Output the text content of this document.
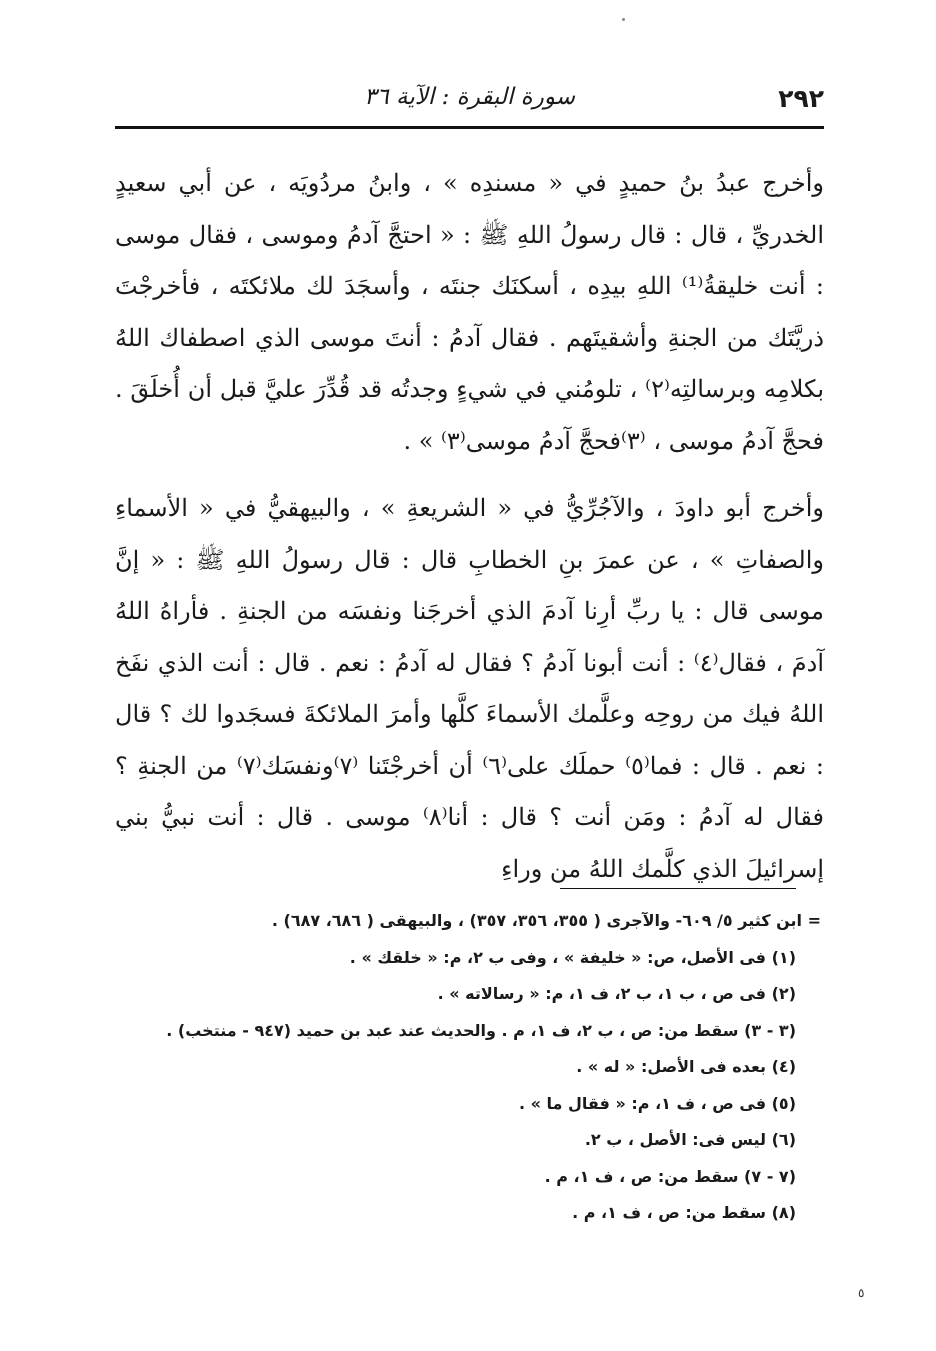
٢٩٢
سورة البقرة : الآية ٣٦

وأخرج عبدُ بنُ حميدٍ في « مسندِه » ، وابنُ مردُويَه ، عن أبي سعيدٍ الخدريِّ ، قال : قال رسولُ اللهِ ﷺ : « احتجَّ آدمُ وموسى ، فقال موسى : أنت خليقةُ⁽¹⁾ اللهِ بيدِه ، أسكنَك جنتَه ، وأسجَدَ لك ملائكتَه ، فأخرجْتَ ذريَّتَك من الجنةِ وأشقيتَهم . فقال آدمُ : أنتَ موسى الذي اصطفاك اللهُ بكلامِه وبرسالتِه⁽٢⁾ ، تلومُني في شيءٍ وجدتُه قد قُدِّرَ عليَّ قبل أن أُخلَقَ . فحجَّ آدمُ موسى ، ⁽٣⁾فحجَّ آدمُ موسى⁽٣⁾ » .

وأخرج أبو داودَ ، والآجُرِّيُّ في « الشريعةِ » ، والبيهقيُّ في « الأسماءِ والصفاتِ » ، عن عمرَ بنِ الخطابِ قال : قال رسولُ اللهِ ﷺ : « إنَّ موسى قال : يا ربِّ أرِنا آدمَ الذي أخرجَنا ونفسَه من الجنةِ . فأراهُ اللهُ آدمَ ، فقال⁽٤⁾ : أنت أبونا آدمُ ؟ فقال له آدمُ : نعم . قال : أنت الذي نفَخ اللهُ فيك من روحِه وعلَّمك الأسماءَ كلَّها وأمرَ الملائكةَ فسجَدوا لك ؟ قال : نعم . قال : فما⁽٥⁾ حملَك على⁽٦⁾ أن أخرجْتَنا ⁽٧⁾ونفسَك⁽٧⁾ من الجنةِ ؟ فقال له آدمُ : ومَن أنت ؟ قال : أنا⁽٨⁾ موسى . قال : أنت نبيُّ بني إسرائيلَ الذي كلَّمك اللهُ من وراءِ

= ابن كثير ٥/ ٦٠٩- والآجرى ( ٣٥٥، ٣٥٦، ٣٥٧) ، والبيهقى ( ٦٨٦، ٦٨٧) .
(١) فى الأصل، ص: « خليفة » ، وفى ب ٢، م: « خلقك » .
(٢) فى ص ، ب ١، ب ٢، ف ١، م: « رسالاته » .
(٣ - ٣) سقط من: ص ، ب ٢، ف ١، م . والحديث عند عبد بن حميد (٩٤٧ - منتخب) .
(٤) بعده فى الأصل: « له » .
(٥) فى ص ، ف ١، م: « فقال ما » .
(٦) ليس فى: الأصل ، ب ٢.
(٧ - ٧) سقط من: ص ، ف ١، م .
(٨) سقط من: ص ، ف ١، م .
٥
